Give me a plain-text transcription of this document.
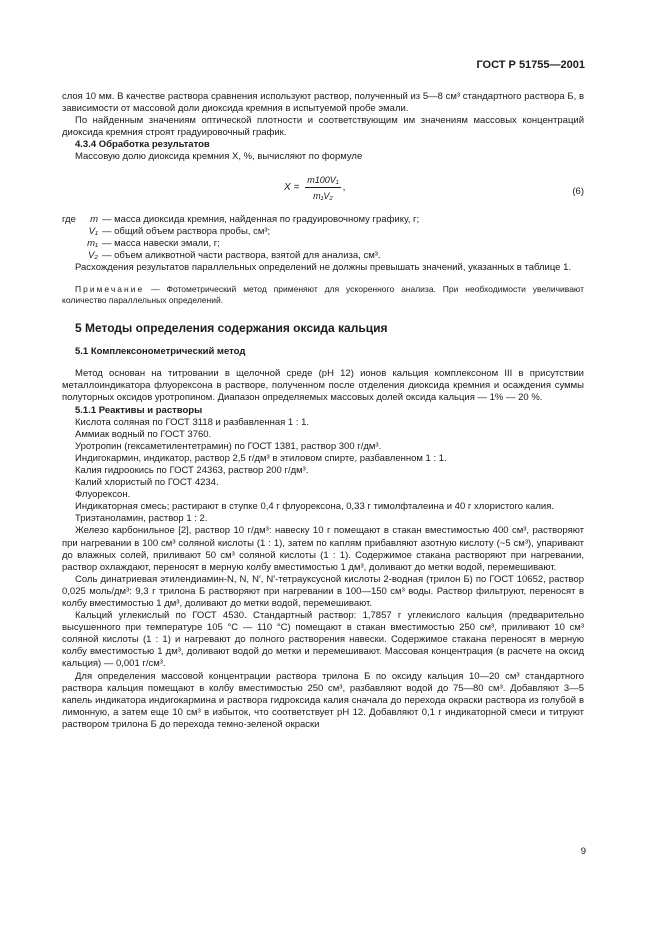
ГОСТ Р 51755—2001

слоя 10 мм. В качестве раствора сравнения используют раствор, полученный из 5—8 см³ стандартного раствора Б, в зависимости от массовой доли диоксида кремния в испытуемой пробе эмали.

По найденным значениям оптической плотности и соответствующим им значениям массовых концентраций диоксида кремния строят градуировочный график.

4.3.4 Обработка результатов

Массовую долю диоксида кремния X, %, вычисляют по формуле

$X = \frac{\text{m100V₁}}{\text{m₁V₂}}$ ,	(6)
где	m — масса диоксида кремния, найденная по градуировочному графику, г;
V₁ — общий объем раствора пробы, см³;
m₁ — масса навески эмали, г;
V₂ — объем аликвотной части раствора, взятой для анализа, см³.

Расхождения результатов параллельных определений не должны превышать значений, указанных в таблице 1.

Примечание — Фотометрический метод применяют для ускоренного анализа. При необходимости увеличивают количество параллельных определений.

5 Методы определения содержания оксида кальция

5.1 Комплексонометрический метод

Метод основан на титровании в щелочной среде (рН 12) ионов кальция комплексоном III в присутствии металлоиндикатора флуорексона в растворе, полученном после отделения диоксида кремния и осаждения суммы полуторных оксидов уротропином. Диапазон определяемых массовых долей оксида кальция — 1% — 20 %.

5.1.1 Реактивы и растворы

Кислота соляная по ГОСТ 3118 и разбавленная 1 : 1.

Аммиак водный по ГОСТ 3760.

Уротропин (гексаметилентетрамин) по ГОСТ 1381, раствор 300 г/дм³.

Индигокармин, индикатор, раствор 2,5 г/дм³ в этиловом спирте, разбавленном 1 : 1.

Калия гидроокись по ГОСТ 24363, раствор 200 г/дм³.

Калий хлористый по ГОСТ 4234.

Флуорексон.

Индикаторная смесь; растирают в ступке 0,4 г флуорексона, 0,33 г тимолфталеина и 40 г хлористого калия.

Триэтаноламин, раствор 1 : 2.

Железо карбонильное [2], раствор 10 г/дм³: навеску 10 г помещают в стакан вместимостью 400 см³, растворяют при нагревании в 100 см³ соляной кислоты (1 : 1), затем по каплям прибавляют азотную кислоту (~5 см³), упаривают до влажных солей, приливают 50 см³ соляной кислоты (1 : 1). Содержимое стакана растворяют при нагревании, раствор охлаждают, переносят в мерную колбу вместимостью 1 дм³, доливают до метки водой, перемешивают.

Соль динатриевая этилендиамин-N, N, N′, N′-тетрауксусной кислоты 2-водная (трилон Б) по ГОСТ 10652, раствор 0,025 моль/дм³: 9,3 г трилона Б растворяют при нагревании в 100—150 см³ воды. Раствор фильтруют, переносят в колбу вместимостью 1 дм³, доливают до метки водой, перемешивают.

Кальций углекислый по ГОСТ 4530. Стандартный раствор: 1,7857 г углекислого кальция (предварительно высушенного при температуре 105 °С — 110 °С) помещают в стакан вместимостью 250 см³, приливают 10 см³ соляной кислоты (1 : 1) и нагревают до полного растворения навески. Содержимое стакана переносят в мерную колбу вместимостью 1 дм³, доливают водой до метки и перемешивают. Массовая концентрация (в расчете на оксид кальция) — 0,001 г/см³.

Для определения массовой концентрации раствора трилона Б по оксиду кальция 10—20 см³ стандартного раствора кальция помещают в колбу вместимостью 250 см³, разбавляют водой до 75—80 см³. Добавляют 3—5 капель индикатора индигокармина и раствора гидроксида калия сначала до перехода окраски раствора из голубой в лимонную, а затем еще 10 см³ в избыток, что соответствует рН 12. Добавляют 0,1 г индикаторной смеси и титруют раствором трилона Б до перехода темно-зеленой окраски

9
